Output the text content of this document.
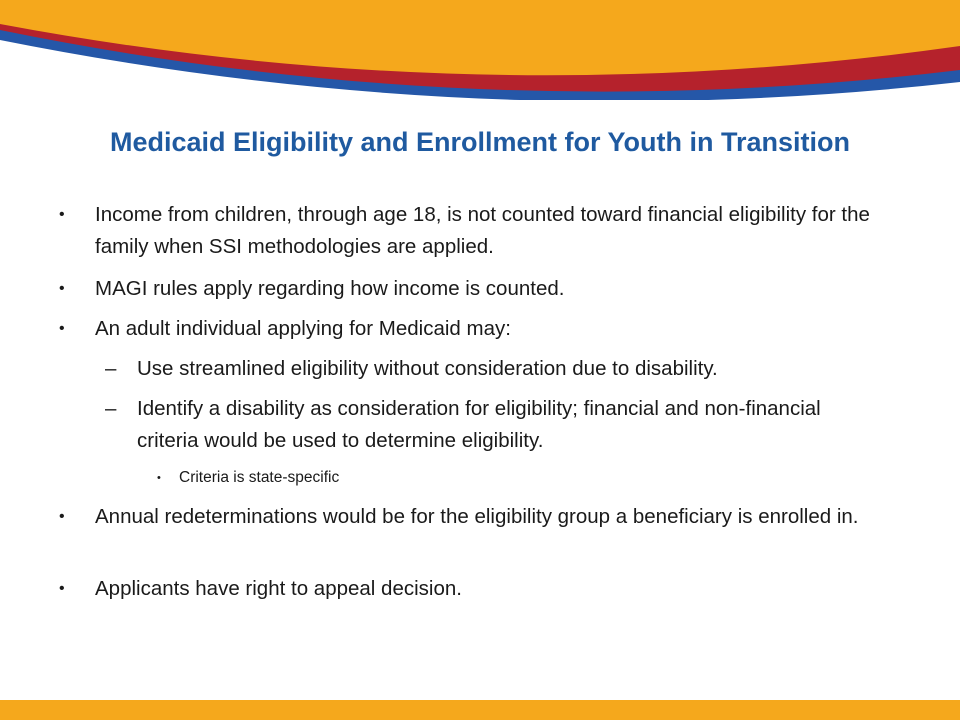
Medicaid Eligibility and Enrollment for Youth in Transition
• Income from children, through age 18, is not counted toward financial eligibility for the family when SSI methodologies are applied.
• MAGI rules apply regarding how income is counted.
• An adult individual applying for Medicaid may:
– Use streamlined eligibility without consideration due to disability.
– Identify a disability as consideration for eligibility; financial and non-financial criteria would be used to determine eligibility.
• Criteria is state-specific
• Annual redeterminations would be for the eligibility group a beneficiary is enrolled in.
• Applicants have right to appeal decision.
